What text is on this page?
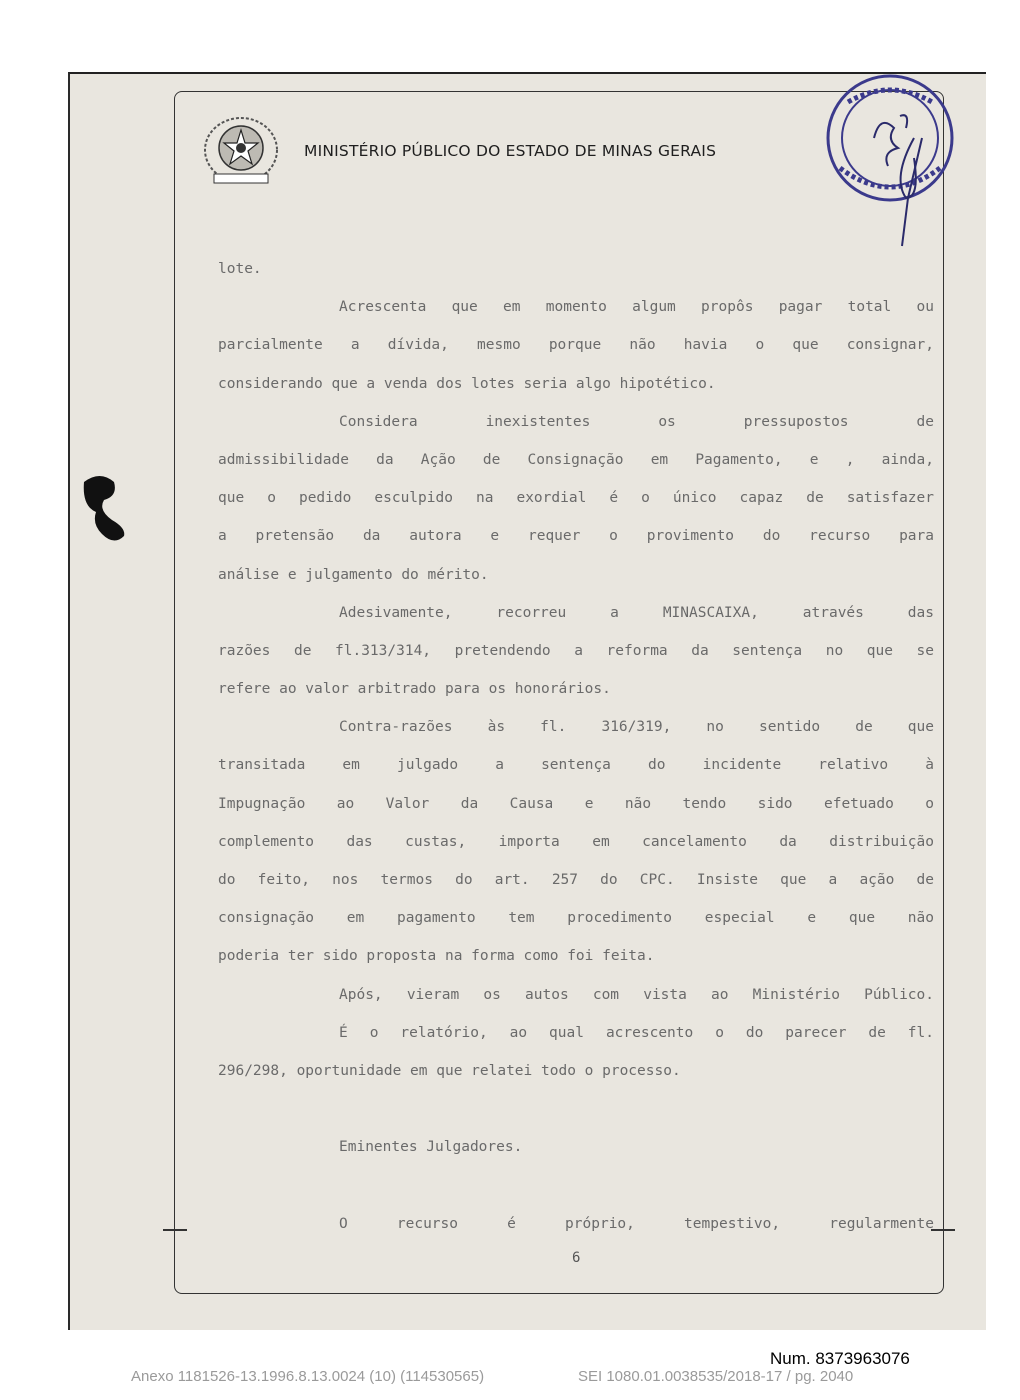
MINISTÉRIO PÚBLICO DO ESTADO DE MINAS GERAIS
lote.
Acrescenta que em momento algum propôs pagar total ou
parcialmente a dívida, mesmo porque não havia o que consignar,
considerando que a venda dos lotes seria algo hipotético.
Considera inexistentes os pressupostos de
admissibilidade da Ação de Consignação em Pagamento, e , ainda,
que o pedido esculpido na exordial é o único capaz de satisfazer
a pretensão da autora e requer o provimento do recurso para
análise e julgamento do mérito.
Adesivamente, recorreu a MINASCAIXA, através das
razões de fl.313/314, pretendendo a reforma da sentença no que se
refere ao valor arbitrado para os honorários.
Contra-razões às fl. 316/319, no sentido de que
transitada em julgado a sentença do incidente relativo à
Impugnação ao Valor da Causa e não tendo sido efetuado o
complemento das custas, importa em cancelamento da distribuição
do feito, nos termos do art. 257 do CPC. Insiste que a ação de
consignação em pagamento tem procedimento especial e que não
poderia ter sido proposta na forma como foi feita.
Após, vieram os autos com vista ao Ministério Público.
É o relatório, ao qual acrescento o do parecer de fl.
296/298, oportunidade em que relatei todo o processo.
Eminentes Julgadores.
O recurso é próprio, tempestivo, regularmente
6
Num. 8373963076
Anexo 1181526-13.1996.8.13.0024 (10) (114530565)	SEI 1080.01.0038535/2018-17 / pg. 2040
